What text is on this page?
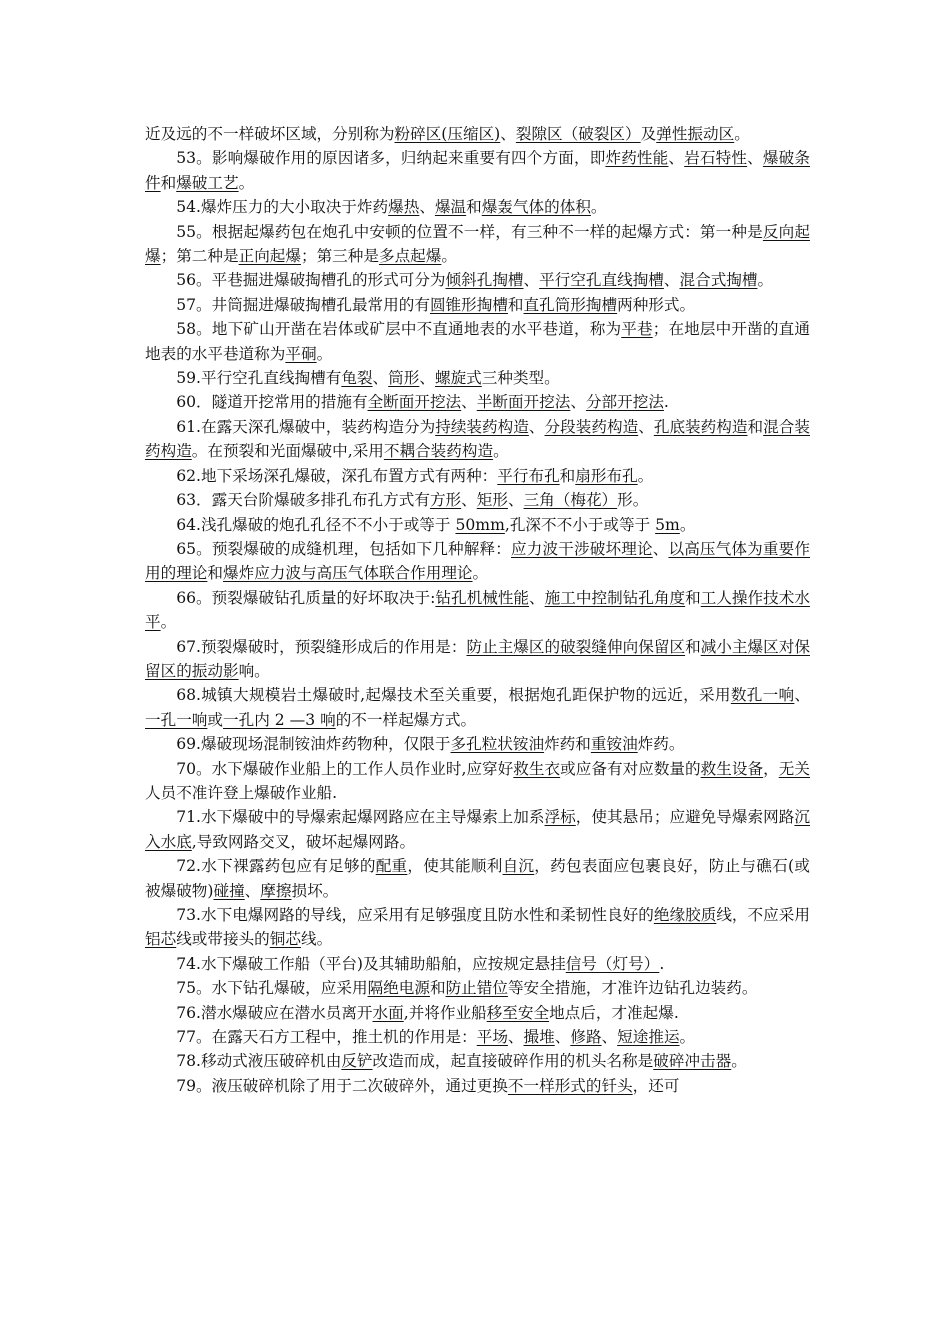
近及远的不一样破坏区域，分别称为粉碎区(压缩区)、裂隙区（破裂区）及弹性振动区。

53。影响爆破作用的原因诸多，归纳起来重要有四个方面，即炸药性能、岩石特性、爆破条件和爆破工艺。

54.爆炸压力的大小取决于炸药爆热、爆温和爆轰气体的体积。

55。根据起爆药包在炮孔中安顿的位置不一样，有三种不一样的起爆方式：第一种是反向起爆；第二种是正向起爆；第三种是多点起爆。

56。平巷掘进爆破掏槽孔的形式可分为倾斜孔掏槽、平行空孔直线掏槽、混合式掏槽。

57。井筒掘进爆破掏槽孔最常用的有圆锥形掏槽和直孔筒形掏槽两种形式。

58。地下矿山开凿在岩体或矿层中不直通地表的水平巷道，称为平巷；在地层中开凿的直通地表的水平巷道称为平硐。

59.平行空孔直线掏槽有龟裂、筒形、螺旋式三种类型。

60．隧道开挖常用的措施有全断面开挖法、半断面开挖法、分部开挖法.

61.在露天深孔爆破中，装药构造分为持续装药构造、分段装药构造、孔底装药构造和混合装药构造。在预裂和光面爆破中,采用不耦合装药构造。

62.地下采场深孔爆破，深孔布置方式有两种：平行布孔和扇形布孔。

63．露天台阶爆破多排孔布孔方式有方形、矩形、三角（梅花）形。

64.浅孔爆破的炮孔孔径不不小于或等于 50mm,孔深不不小于或等于 5m。

65。预裂爆破的成缝机理，包括如下几种解释：应力波干涉破坏理论、以高压气体为重要作用的理论和爆炸应力波与高压气体联合作用理论。

66。预裂爆破钻孔质量的好坏取决于:钻孔机械性能、施工中控制钻孔角度和工人操作技术水平。

67.预裂爆破时，预裂缝形成后的作用是：防止主爆区的破裂缝伸向保留区和减小主爆区对保留区的振动影响。

68.城镇大规模岩土爆破时,起爆技术至关重要，根据炮孔距保护物的远近，采用数孔一响、一孔一响或一孔内 2 —3 响的不一样起爆方式。

69.爆破现场混制铵油炸药物种，仅限于多孔粒状铵油炸药和重铵油炸药。

70。水下爆破作业船上的工作人员作业时,应穿好救生衣或应备有对应数量的救生设备，无关人员不准许登上爆破作业船.

71.水下爆破中的导爆索起爆网路应在主导爆索上加系浮标，使其悬吊；应避免导爆索网路沉入水底,导致网路交叉，破坏起爆网路。

72.水下裸露药包应有足够的配重，使其能顺利自沉，药包表面应包裹良好，防止与礁石(或被爆破物)碰撞、摩擦损坏。

73.水下电爆网路的导线，应采用有足够强度且防水性和柔韧性良好的绝缘胶质线，不应采用铝芯线或带接头的铜芯线。

74.水下爆破工作船（平台)及其辅助船舶，应按规定悬挂信号（灯号）.

75。水下钻孔爆破，应采用隔绝电源和防止错位等安全措施，才准许边钻孔边装药。

76.潜水爆破应在潜水员离开水面,并将作业船移至安全地点后，才准起爆.

77。在露天石方工程中，推土机的作用是：平场、撮堆、修路、短途推运。

78.移动式液压破碎机由反铲改造而成，起直接破碎作用的机头名称是破碎冲击器。

79。液压破碎机除了用于二次破碎外，通过更换不一样形式的钎头，还可
